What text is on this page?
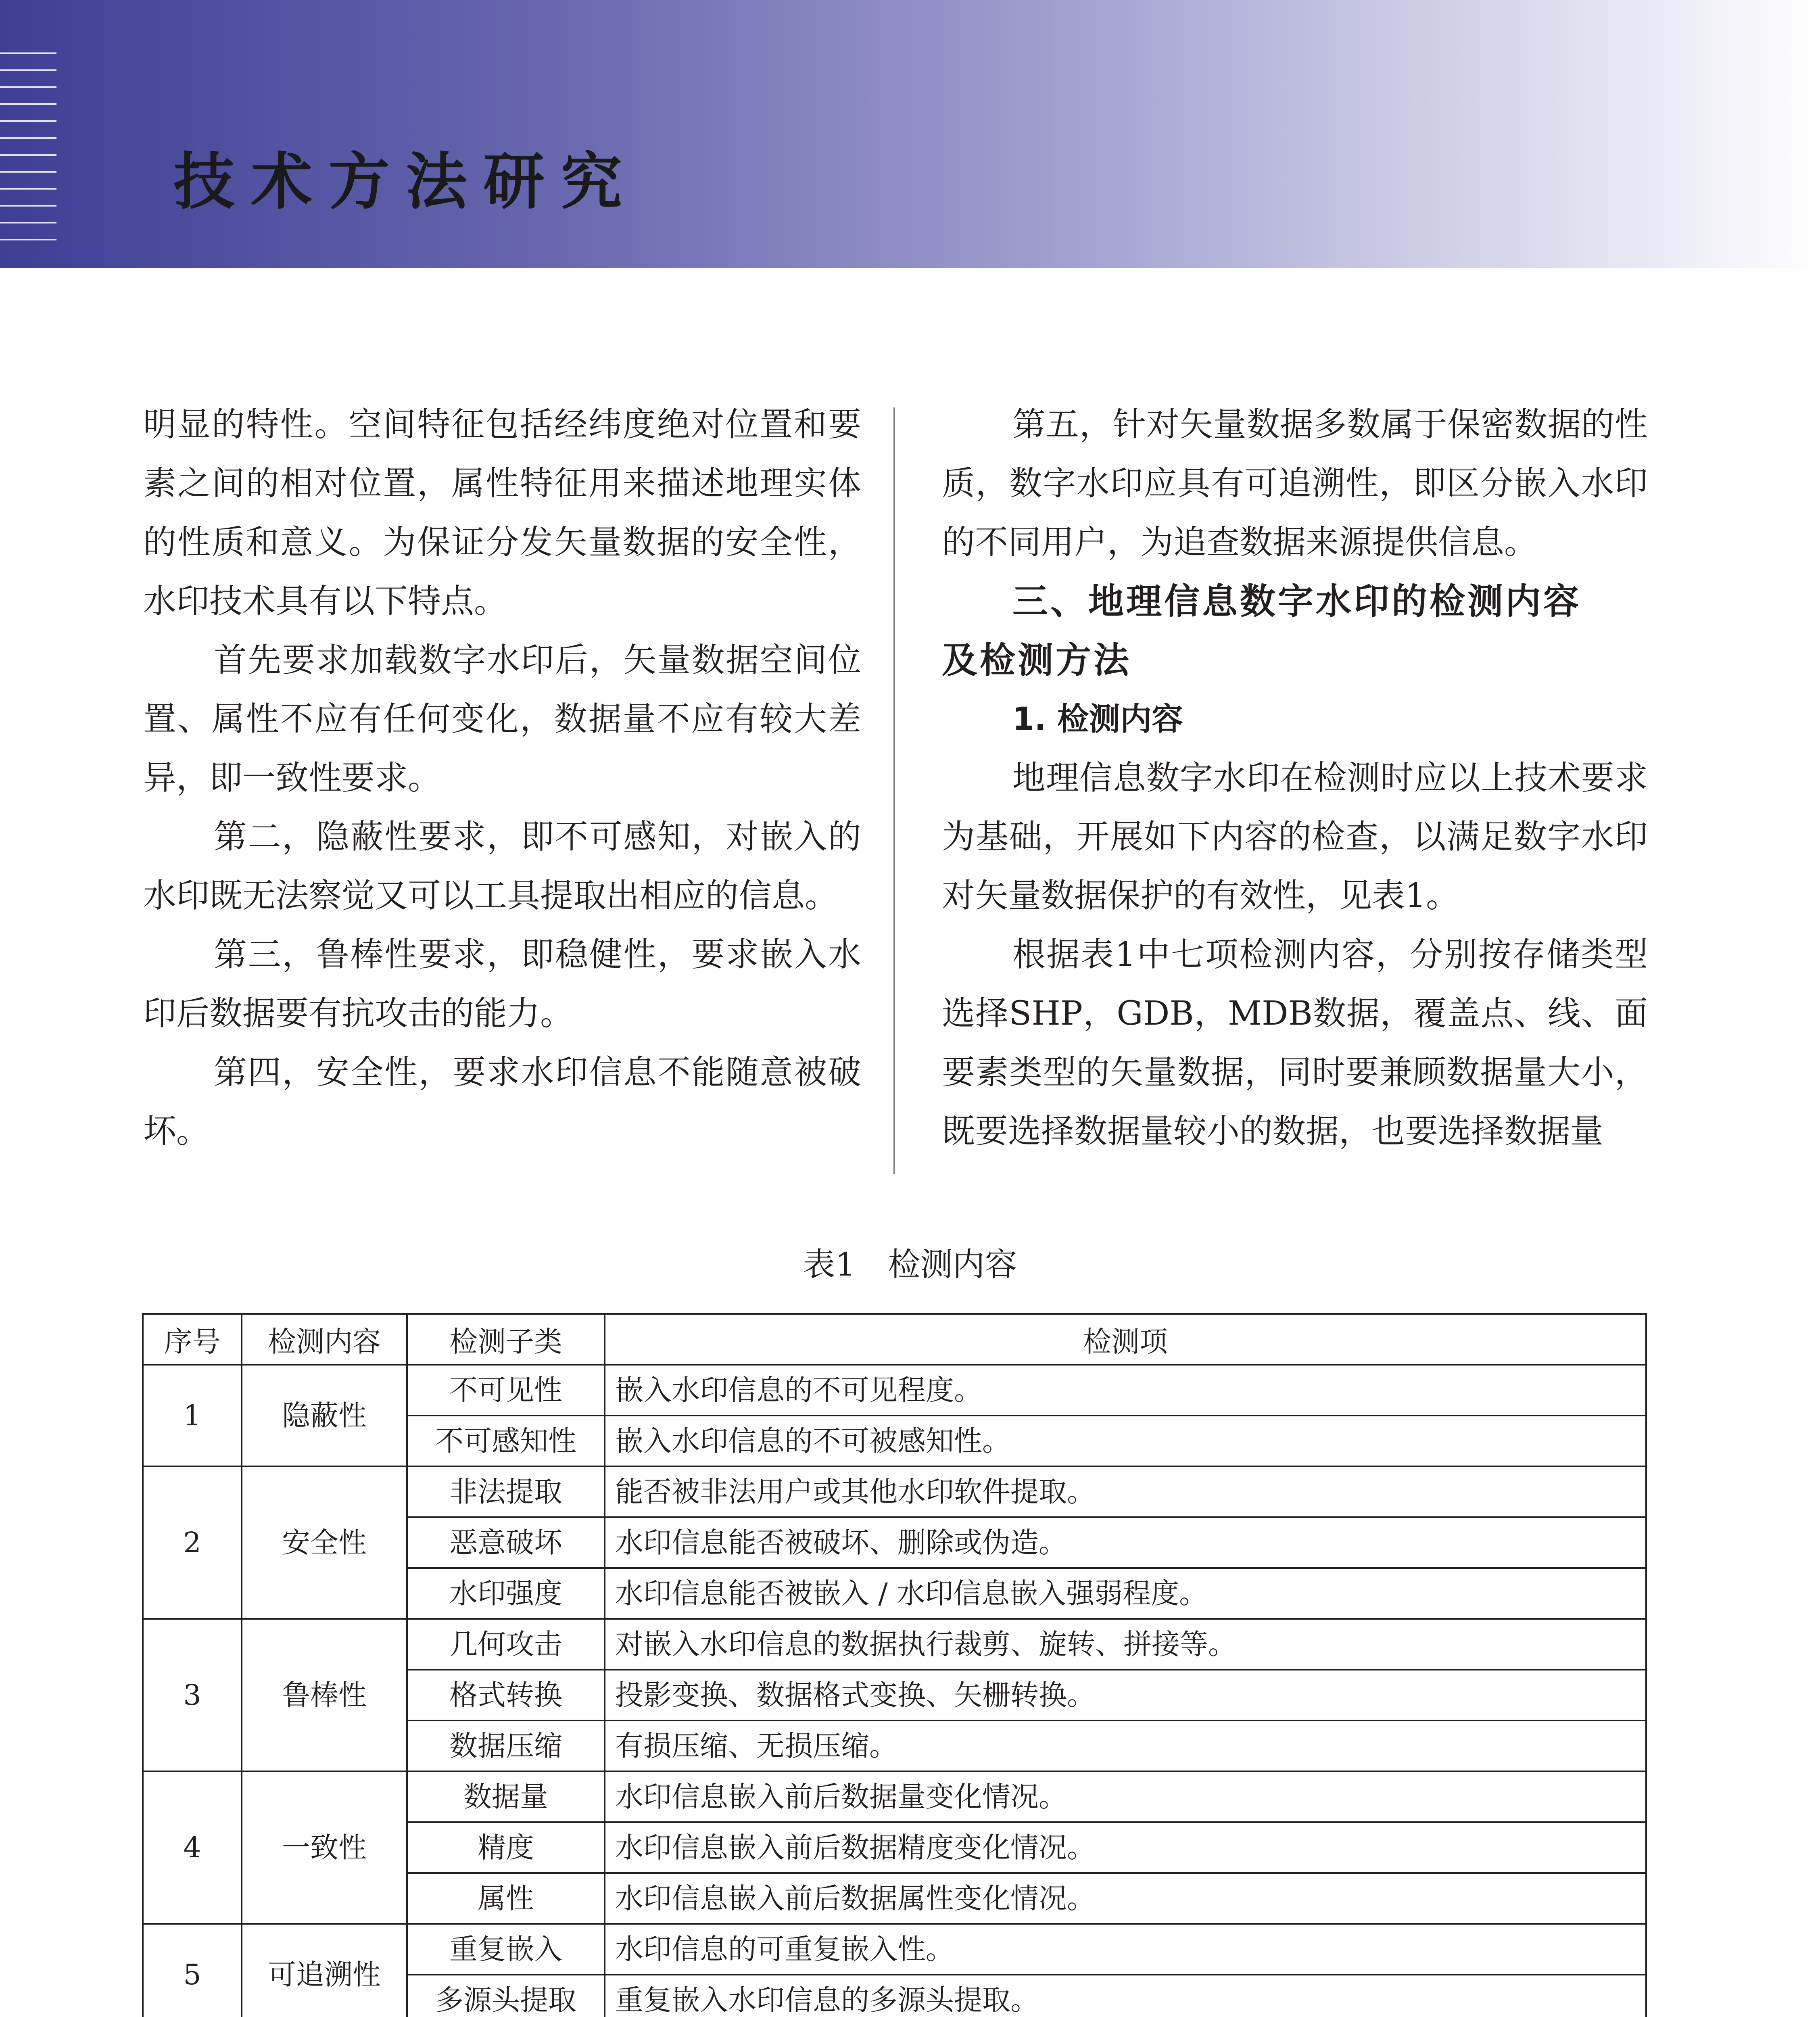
技术方法研究

明显的特性。空间特征包括经纬度绝对位置和要素之间的相对位置，属性特征用来描述地理实体的性质和意义。为保证分发矢量数据的安全性，水印技术具有以下特点。

首先要求加载数字水印后，矢量数据空间位置、属性不应有任何变化，数据量不应有较大差异，即一致性要求。

第二，隐蔽性要求，即不可感知，对嵌入的水印既无法察觉又可以工具提取出相应的信息。

第三，鲁棒性要求，即稳健性，要求嵌入水印后数据要有抗攻击的能力。

第四，安全性，要求水印信息不能随意被破坏。

第五，针对矢量数据多数属于保密数据的性质，数字水印应具有可追溯性，即区分嵌入水印的不同用户，为追查数据来源提供信息。

三、地理信息数字水印的检测内容

及检测方法

1. 检测内容

地理信息数字水印在检测时应以上技术要求为基础，开展如下内容的检查，以满足数字水印对矢量数据保护的有效性，见表1。

根据表1中七项检测内容，分别按存储类型选择SHP，GDB，MDB数据，覆盖点、线、面要素类型的矢量数据，同时要兼顾数据量大小，既要选择数据量较小的数据，也要选择数据量

表1　检测内容
序号	检测内容	检测子类	检测项
1	隐蔽性	不可见性	嵌入水印信息的不可见程度。
		不可感知性	嵌入水印信息的不可被感知性。
2	安全性	非法提取	能否被非法用户或其他水印软件提取。
		恶意破坏	水印信息能否被破坏、删除或伪造。
		水印强度	水印信息能否被嵌入 / 水印信息嵌入强弱程度。
3	鲁棒性	几何攻击	对嵌入水印信息的数据执行裁剪、旋转、拼接等。
		格式转换	投影变换、数据格式变换、矢栅转换。
		数据压缩	有损压缩、无损压缩。
4	一致性	数据量	水印信息嵌入前后数据量变化情况。
		精度	水印信息嵌入前后数据精度变化情况。
		属性	水印信息嵌入前后数据属性变化情况。
5	可追溯性	重复嵌入	水印信息的可重复嵌入性。
		多源头提取	重复嵌入水印信息的多源头提取。
